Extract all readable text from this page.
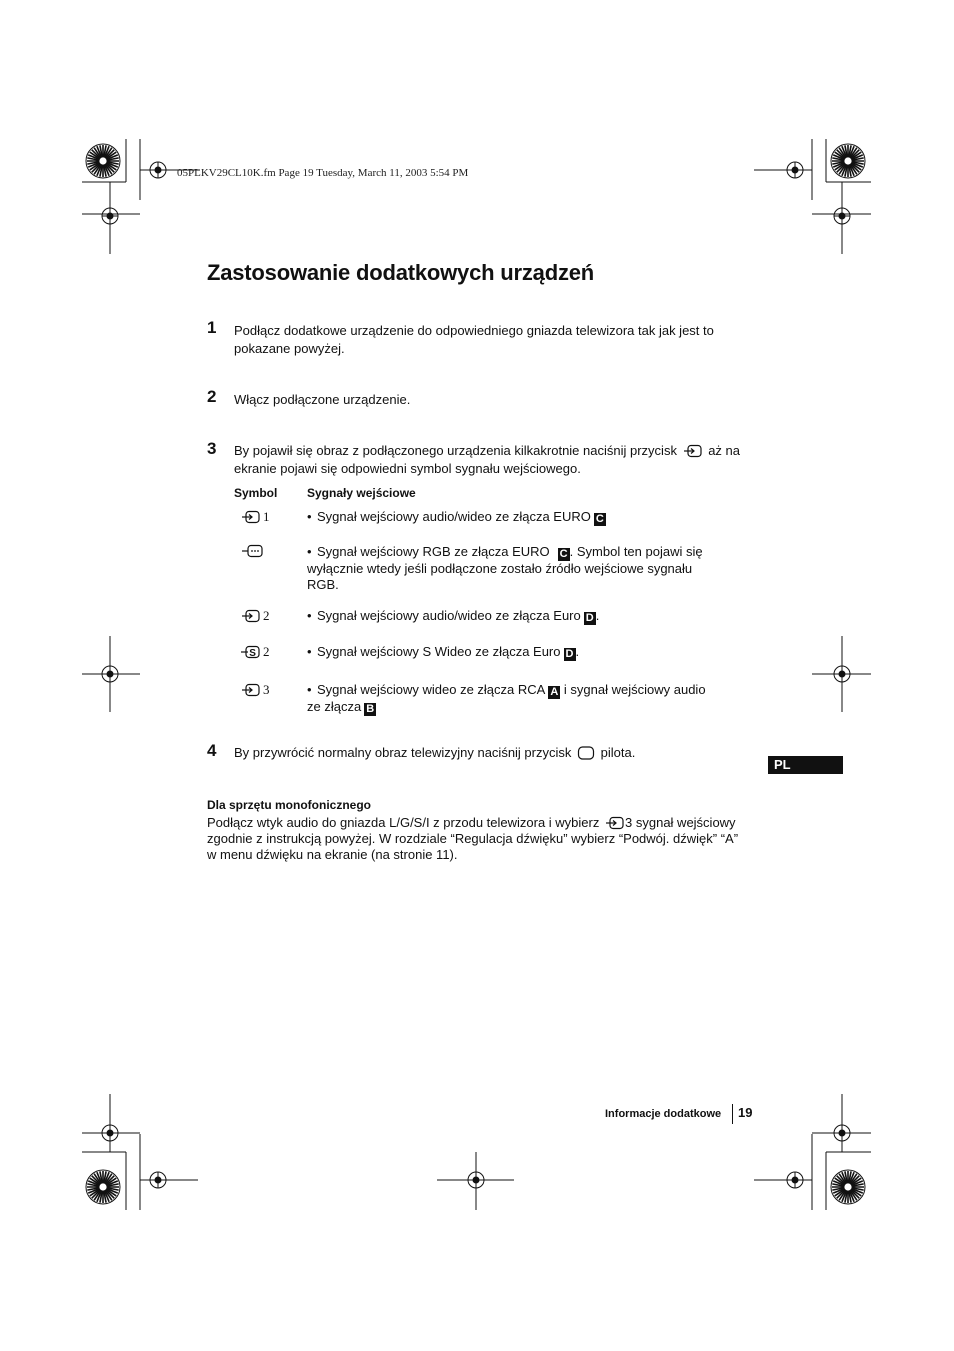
05PLKV29CL10K.fm Page 19 Tuesday, March 11, 2003 5:54 PM
Zastosowanie dodatkowych urządzeń
1 Podłącz dodatkowe urządzenie do odpowiedniego gniazda telewizora tak jak jest to pokazane powyżej.
2 Włącz podłączone urządzenie.
3 By pojawił się obraz z podłączonego urządzenia kilkakrotnie naciśnij przycisk aż na ekranie pojawi się odpowiedni symbol sygnału wejściowego.
Symbol Sygnały wejściowe
1	• Sygnał wejściowy audio/wideo ze złącza EURO C
• Sygnał wejściowy RGB ze złącza EURO C . Symbol ten pojawi się wyłącznie wtedy jeśli podłączone zostało źródło wejściowe sygnału RGB.
2	• Sygnał wejściowy audio/wideo ze złącza Euro D .
S 2	• Sygnał wejściowy S Wideo ze złącza Euro D .
3	• Sygnał wejściowy wideo ze złącza RCA A i sygnał wejściowy audio ze złącza B
4 By przywrócić normalny obraz telewizyjny naciśnij przycisk pilota.
PL
Dla sprzętu monofonicznego
Podłącz wtyk audio do gniazda L/G/S/I z przodu telewizora i wybierz 3 sygnał wejściowy zgodnie z instrukcją powyżej. W rozdziale “Regulacja dźwięku” wybierz “Podwój. dźwięk” “A” w menu dźwięku na ekranie (na stronie 11).
Informacje dodatkowe 19
